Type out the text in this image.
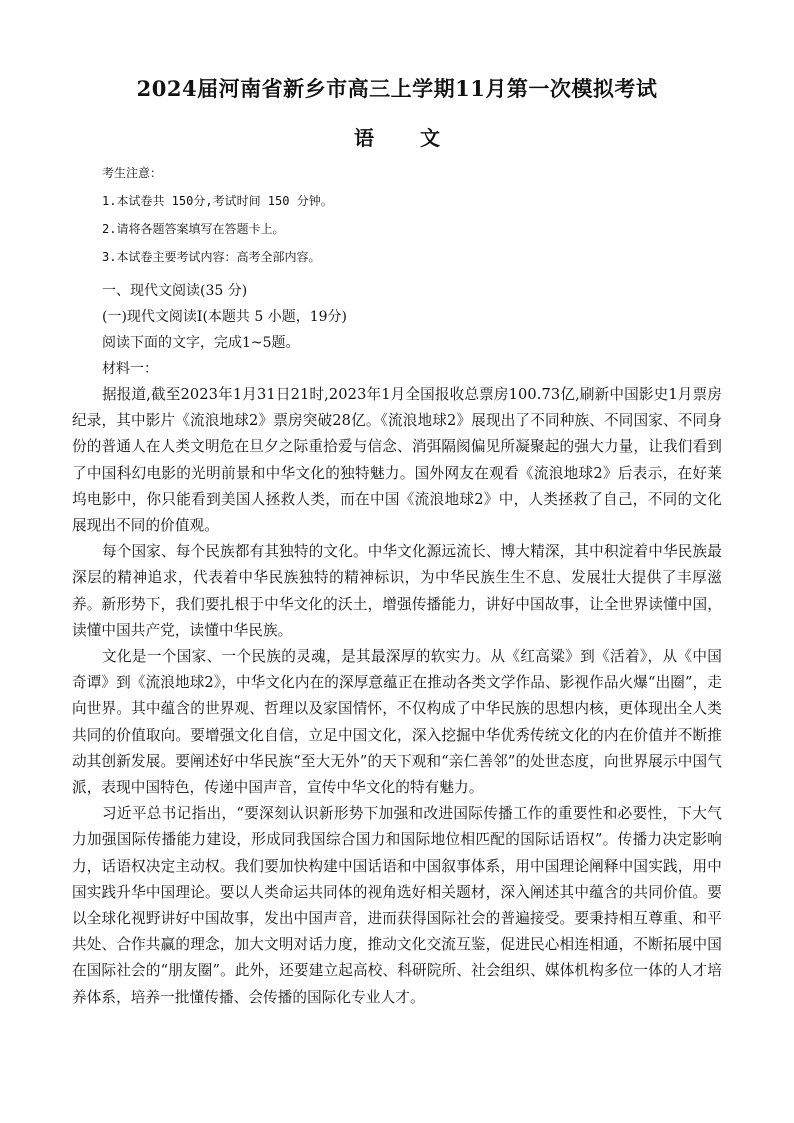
2024届河南省新乡市高三上学期11月第一次模拟考试
语文
考生注意：
1.本试卷共 150分,考试时间 150 分钟。
2.请将各题答案填写在答题卡上。
3.本试卷主要考试内容：高考全部内容。
一、现代文阅读(35 分)
(一)现代文阅读Ⅰ(本题共 5 小题，19分)
阅读下面的文字，完成1~5题。
材料一：

据报道,截至2023年1月31日21时,2023年1月全国报收总票房100.73亿,刷新中国影史1月票房纪录，其中影片《流浪地球2》票房突破28亿。《流浪地球2》展现出了不同种族、不同国家、不同身份的普通人在人类文明危在旦夕之际重拾爱与信念、消弭隔阂偏见所凝聚起的强大力量，让我们看到了中国科幻电影的光明前景和中华文化的独特魅力。国外网友在观看《流浪地球2》后表示，在好莱坞电影中，你只能看到美国人拯救人类，而在中国《流浪地球2》中，人类拯救了自己，不同的文化展现出不同的价值观。

每个国家、每个民族都有其独特的文化。中华文化源远流长、博大精深，其中积淀着中华民族最深层的精神追求，代表着中华民族独特的精神标识，为中华民族生生不息、发展壮大提供了丰厚滋养。新形势下，我们要扎根于中华文化的沃土，增强传播能力，讲好中国故事，让全世界读懂中国，读懂中国共产党，读懂中华民族。

文化是一个国家、一个民族的灵魂，是其最深厚的软实力。从《红高粱》到《活着》，从《中国奇谭》到《流浪地球2》，中华文化内在的深厚意蕴正在推动各类文学作品、影视作品火爆“出圈”，走向世界。其中蕴含的世界观、哲理以及家国情怀，不仅构成了中华民族的思想内核，更体现出全人类共同的价值取向。要增强文化自信，立足中国文化，深入挖掘中华优秀传统文化的内在价值并不断推动其创新发展。要阐述好中华民族“至大无外”的天下观和“亲仁善邻”的处世态度，向世界展示中国气派，表现中国特色，传递中国声音，宣传中华文化的特有魅力。

习近平总书记指出，“要深刻认识新形势下加强和改进国际传播工作的重要性和必要性，下大气力加强国际传播能力建设，形成同我国综合国力和国际地位相匹配的国际话语权”。传播力决定影响力，话语权决定主动权。我们要加快构建中国话语和中国叙事体系，用中国理论阐释中国实践，用中国实践升华中国理论。要以人类命运共同体的视角选好相关题材，深入阐述其中蕴含的共同价值。要以全球化视野讲好中国故事，发出中国声音，进而获得国际社会的普遍接受。要秉持相互尊重、和平共处、合作共赢的理念，加大文明对话力度，推动文化交流互鉴，促进民心相连相通，不断拓展中国在国际社会的“朋友圈”。此外，还要建立起高校、科研院所、社会组织、媒体机构多位一体的人才培养体系，培养一批懂传播、会传播的国际化专业人才。
